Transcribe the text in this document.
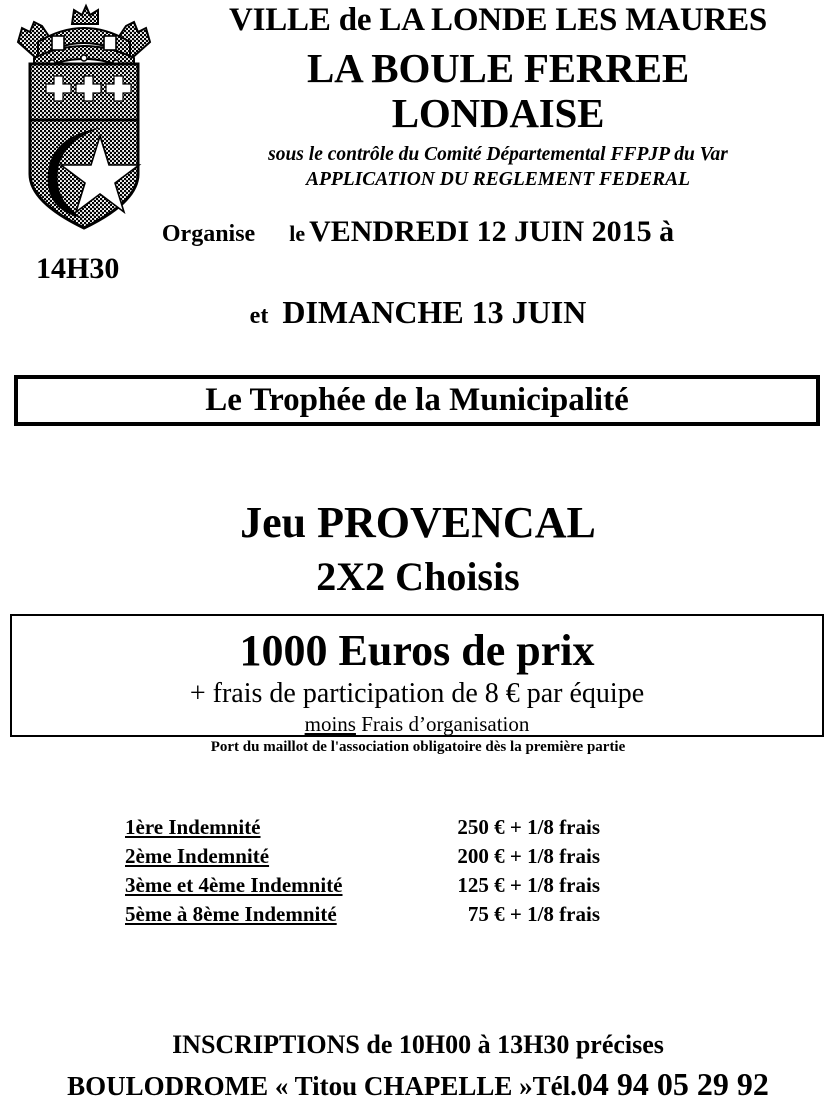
VILLE de LA LONDE LES MAURES
LA BOULE FERREE
LONDAISE
sous le contrôle du Comité Départemental FFPJP du Var
APPLICATION DU REGLEMENT FEDERAL
Organise le VENDREDI 12 JUIN 2015 à
14H30
et DIMANCHE 13 JUIN
Le Trophée de la Municipalité
Jeu PROVENCAL
2X2 Choisis
1000 Euros de prix
+ frais de participation de 8 € par équipe
moins Frais d’organisation
Port du maillot de l'association obligatoire dès la première partie
1ère Indemnité	250 € + 1/8 frais
2ème Indemnité	200 € + 1/8 frais
3ème et 4ème Indemnité	125 € + 1/8 frais
5ème à 8ème Indemnité	75 € + 1/8 frais
INSCRIPTIONS de 10H00 à 13H30 précises
BOULODROME « Titou CHAPELLE »Tél.04 94 05 29 92
